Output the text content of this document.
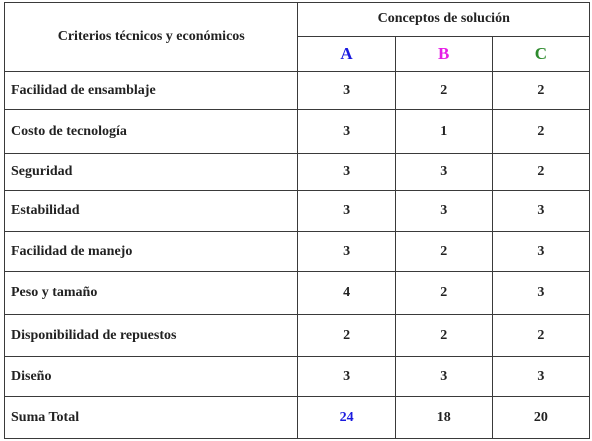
Criterios técnicos y económicos	Conceptos de solución		
	A	B	C
Facilidad de ensamblaje	3	2	2
Costo de tecnología	3	1	2
Seguridad	3	3	2
Estabilidad	3	3	3
Facilidad de manejo	3	2	3
Peso y tamaño	4	2	3
Disponibilidad de repuestos	2	2	2
Diseño	3	3	3
Suma Total	24	18	20
